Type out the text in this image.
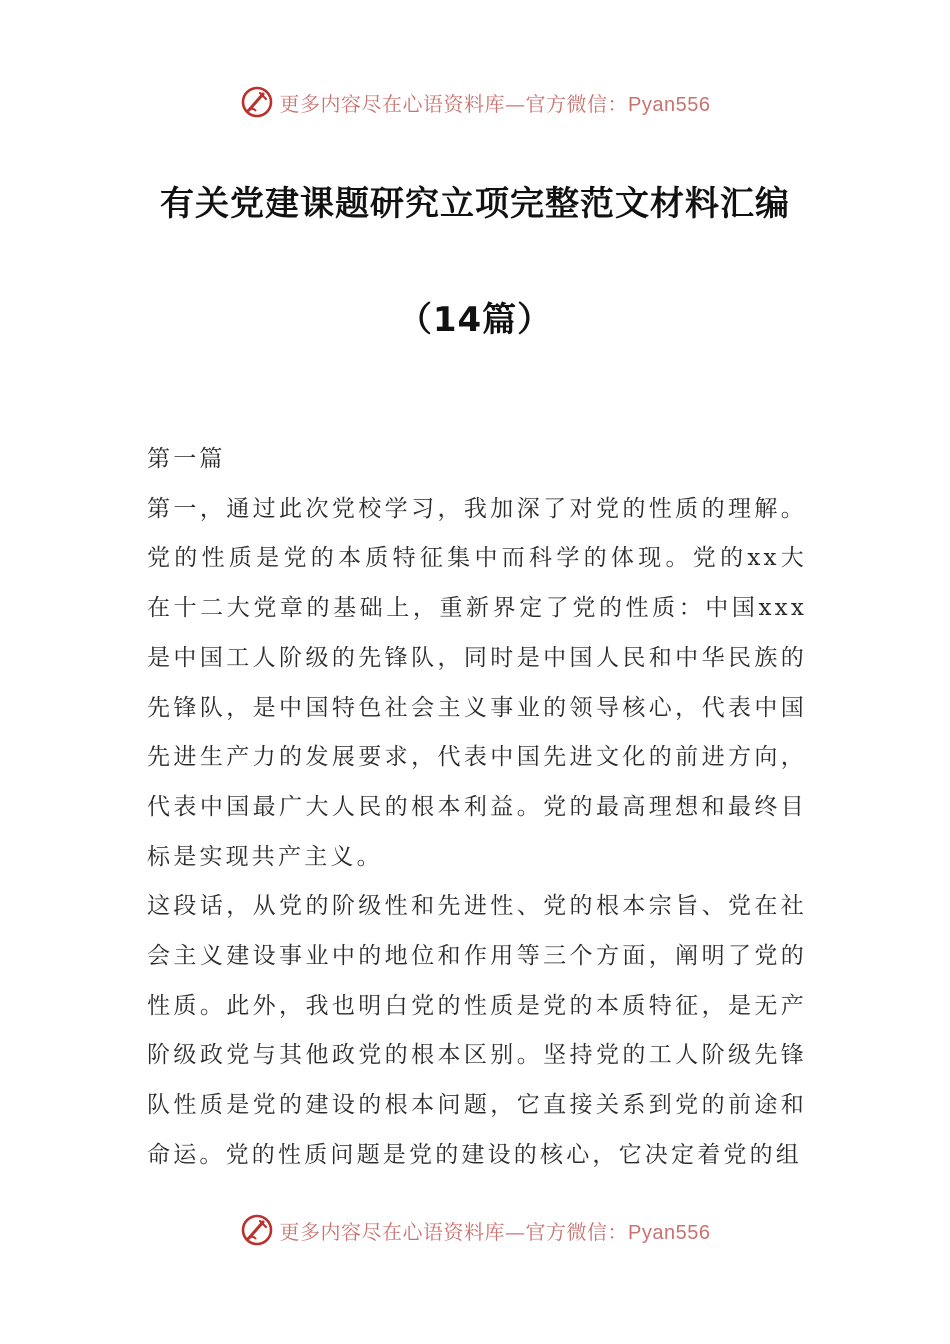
更多内容尽在心语资料库—官方微信：Pyan556
有关党建课题研究立项完整范文材料汇编
（14篇）

第一篇

第一，通过此次党校学习，我加深了对党的性质的理解。党的性质是党的本质特征集中而科学的体现。党的xx大在十二大党章的基础上，重新界定了党的性质：中国xxx是中国工人阶级的先锋队，同时是中国人民和中华民族的先锋队，是中国特色社会主义事业的领导核心，代表中国先进生产力的发展要求，代表中国先进文化的前进方向，代表中国最广大人民的根本利益。党的最高理想和最终目标是实现共产主义。

这段话，从党的阶级性和先进性、党的根本宗旨、党在社会主义建设事业中的地位和作用等三个方面，阐明了党的性质。此外，我也明白党的性质是党的本质特征，是无产阶级政党与其他政党的根本区别。坚持党的工人阶级先锋队性质是党的建设的根本问题，它直接关系到党的前途和命运。党的性质问题是党的建设的核心，它决定着党的组

更多内容尽在心语资料库—官方微信：Pyan556
